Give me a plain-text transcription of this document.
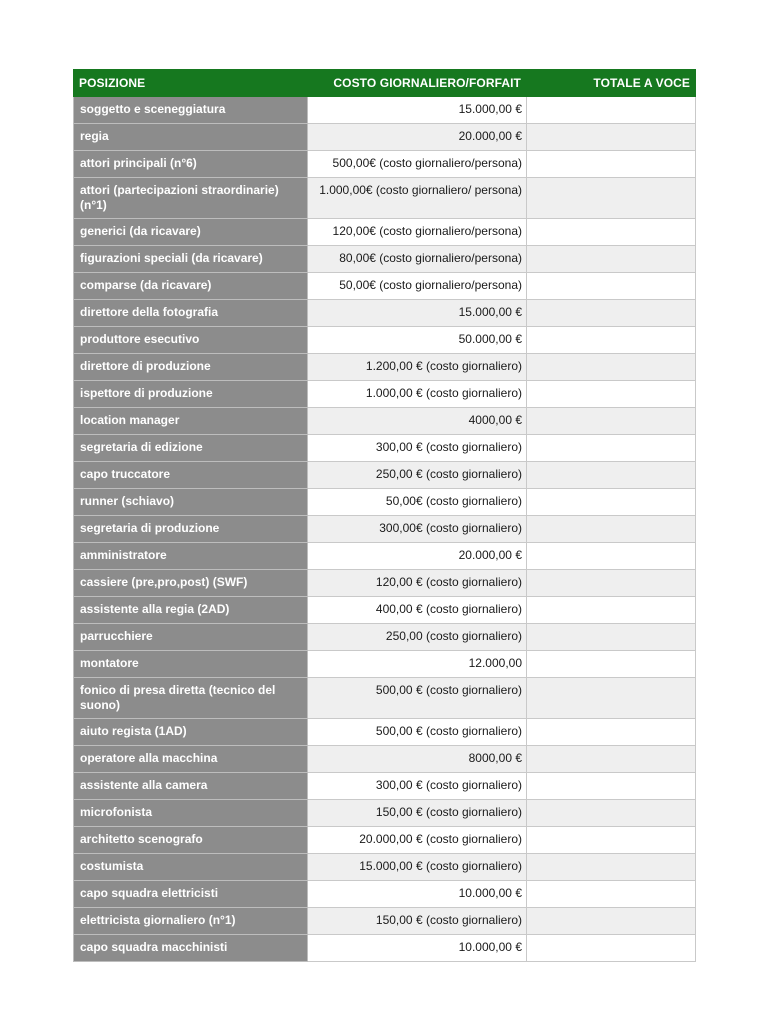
POSIZIONE	COSTO GIORNALIERO/FORFAIT	TOTALE A VOCE
soggetto e sceneggiatura	15.000,00 €	
regia	20.000,00 €	
attori principali (n°6)	500,00€ (costo giornaliero/persona)	
attori (partecipazioni straordinarie) (n°1)	1.000,00€ (costo giornaliero/ persona)	
generici (da ricavare)	120,00€ (costo giornaliero/persona)	
figurazioni speciali (da ricavare)	80,00€ (costo giornaliero/persona)	
comparse (da ricavare)	50,00€ (costo giornaliero/persona)	
direttore della fotografia	15.000,00 €	
produttore esecutivo	50.000,00 €	
direttore di produzione	1.200,00 € (costo giornaliero)	
ispettore di produzione	1.000,00 € (costo giornaliero)	
location manager	4000,00 €	
segretaria di edizione	300,00 € (costo giornaliero)	
capo truccatore	250,00 € (costo giornaliero)	
runner (schiavo)	50,00€ (costo giornaliero)	
segretaria di produzione	300,00€ (costo giornaliero)	
amministratore	20.000,00 €	
cassiere (pre,pro,post) (SWF)	120,00 € (costo giornaliero)	
assistente alla regia (2AD)	400,00 € (costo giornaliero)	
parrucchiere	250,00 (costo giornaliero)	
montatore	12.000,00	
fonico di presa diretta (tecnico del suono)	500,00 € (costo giornaliero)	
aiuto regista (1AD)	500,00 € (costo giornaliero)	
operatore alla macchina	8000,00 €	
assistente alla camera	300,00 € (costo giornaliero)	
microfonista	150,00 € (costo giornaliero)	
architetto scenografo	20.000,00 € (costo giornaliero)	
costumista	15.000,00 € (costo giornaliero)	
capo squadra elettricisti	10.000,00 €	
elettricista giornaliero (n°1)	150,00 € (costo giornaliero)	
capo squadra macchinisti	10.000,00 €	
